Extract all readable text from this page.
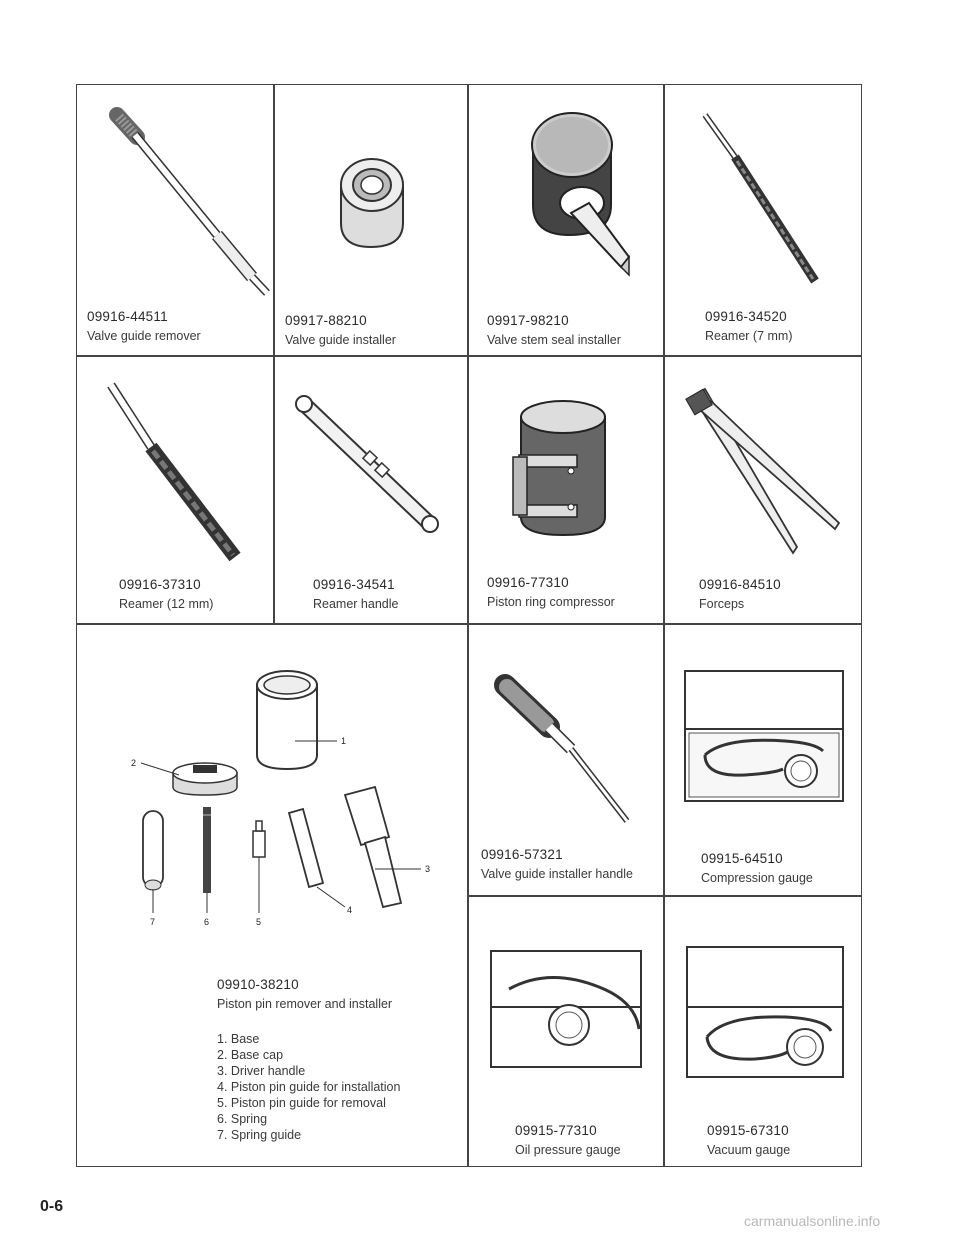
09916-44511
Valve guide remover
09917-88210
Valve guide installer
09917-98210
Valve stem seal installer
09916-34520
Reamer (7 mm)
09916-37310
Reamer (12 mm)
09916-34541
Reamer handle
09916-77310
Piston ring compressor
09916-84510
Forceps
1
2
7	6	5
4
3
09910-38210
Piston pin remover and installer
1. Base
2. Base cap
3. Driver handle
4. Piston pin guide for installation
5. Piston pin guide for removal
6. Spring
7. Spring guide
09916-57321
Valve guide installer handle
09915-64510
Compression gauge
09915-77310
Oil pressure gauge
09915-67310
Vacuum gauge
0-6
carmanualsonline.info
